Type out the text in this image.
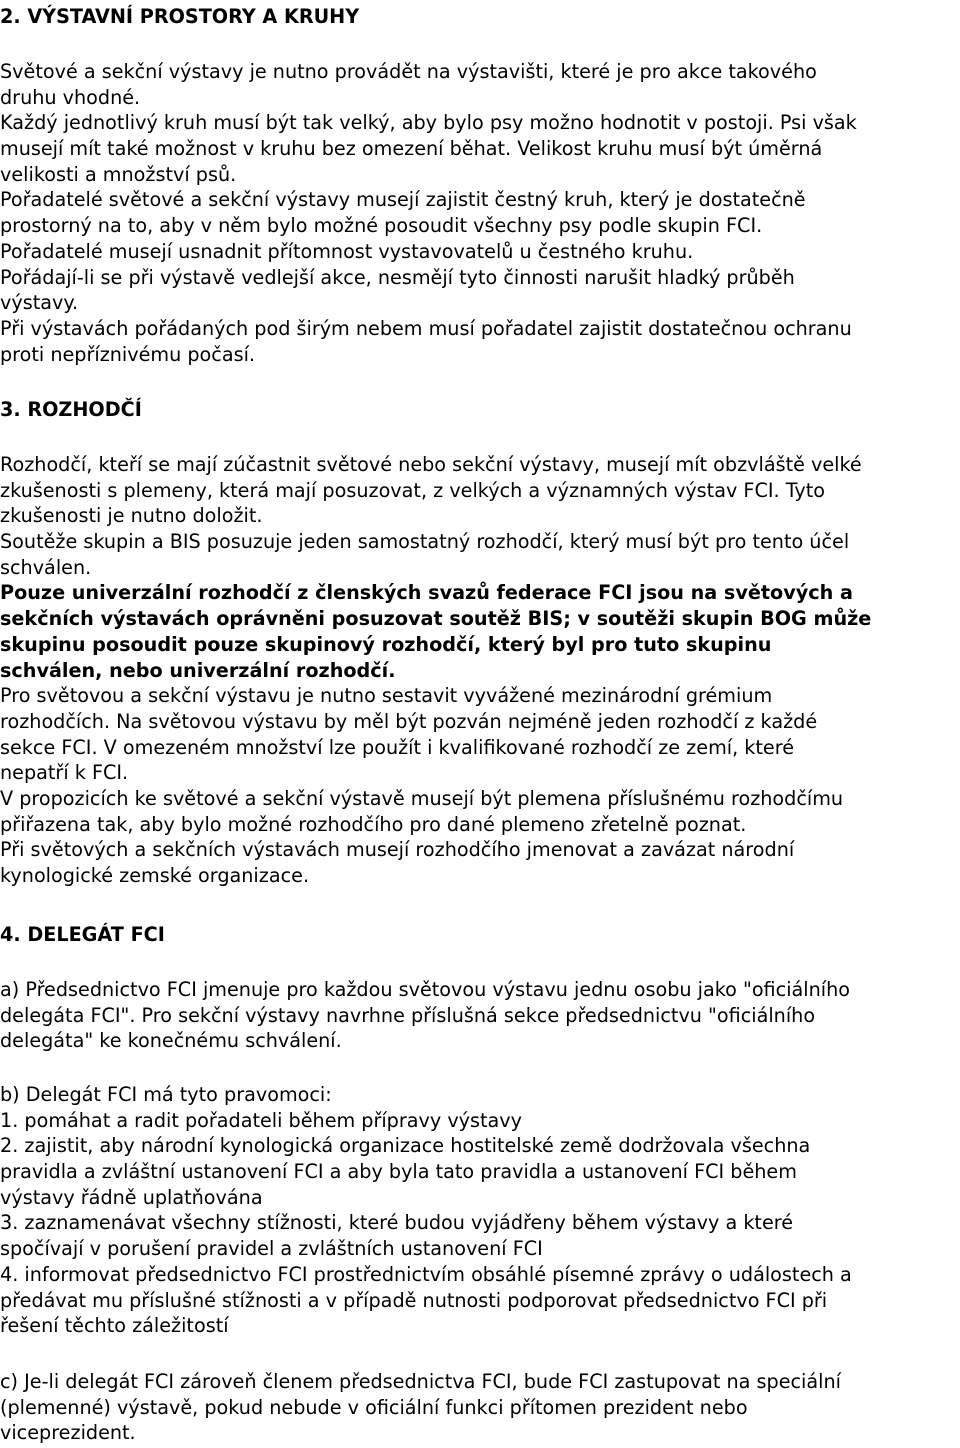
2. VÝSTAVNÍ PROSTORY A KRUHY
Světové a sekční výstavy je nutno provádět na výstavišti, které je pro akce takového
druhu vhodné.
Každý jednotlivý kruh musí být tak velký, aby bylo psy možno hodnotit v postoji. Psi však
musejí mít také možnost v kruhu bez omezení běhat. Velikost kruhu musí být úměrná
velikosti a množství psů.
Pořadatelé světové a sekční výstavy musejí zajistit čestný kruh, který je dostatečně
prostorný na to, aby v něm bylo možné posoudit všechny psy podle skupin FCI.
Pořadatelé musejí usnadnit přítomnost vystavovatelů u čestného kruhu.
Pořádají-li se při výstavě vedlejší akce, nesmějí tyto činnosti narušit hladký průběh
výstavy.
Při výstavách pořádaných pod širým nebem musí pořadatel zajistit dostatečnou ochranu
proti nepříznivému počasí.
3. ROZHODČÍ
Rozhodčí, kteří se mají zúčastnit světové nebo sekční výstavy, musejí mít obzvláště velké
zkušenosti s plemeny, která mají posuzovat, z velkých a významných výstav FCI. Tyto
zkušenosti je nutno doložit.
Soutěže skupin a BIS posuzuje jeden samostatný rozhodčí, který musí být pro tento účel
schválen.
Pouze univerzální rozhodčí z členských svazů federace FCI jsou na světových a
sekčních výstavách oprávněni posuzovat soutěž BIS; v soutěži skupin BOG může
skupinu posoudit pouze skupinový rozhodčí, který byl pro tuto skupinu
schválen, nebo univerzální rozhodčí.
Pro světovou a sekční výstavu je nutno sestavit vyvážené mezinárodní grémium
rozhodčích. Na světovou výstavu by měl být pozván nejméně jeden rozhodčí z každé
sekce FCI. V omezeném množství lze použít i kvalifikované rozhodčí ze zemí, které
nepatří k FCI.
V propozicích ke světové a sekční výstavě musejí být plemena příslušnému rozhodčímu
přiřazena tak, aby bylo možné rozhodčího pro dané plemeno zřetelně poznat.
Při světových a sekčních výstavách musejí rozhodčího jmenovat a zavázat národní
kynologické zemské organizace.
4. DELEGÁT FCI
a) Předsednictvo FCI jmenuje pro každou světovou výstavu jednu osobu jako "oficiálního
delegáta FCI". Pro sekční výstavy navrhne příslušná sekce předsednictvu "oficiálního
delegáta" ke konečnému schválení.
b) Delegát FCI má tyto pravomoci:
1. pomáhat a radit pořadateli během přípravy výstavy
2. zajistit, aby národní kynologická organizace hostitelské země dodržovala všechna
pravidla a zvláštní ustanovení FCI a aby byla tato pravidla a ustanovení FCI během
výstavy řádně uplatňována
3. zaznamenávat všechny stížnosti, které budou vyjádřeny během výstavy a které
spočívají v porušení pravidel a zvláštních ustanovení FCI
4. informovat předsednictvo FCI prostřednictvím obsáhlé písemné zprávy o událostech a
předávat mu příslušné stížnosti a v případě nutnosti podporovat předsednictvo FCI při
řešení těchto záležitostí
c) Je-li delegát FCI zároveň členem předsednictva FCI, bude FCI zastupovat na speciální
(plemenné) výstavě, pokud nebude v oficiální funkci přítomen prezident nebo
viceprezident.
